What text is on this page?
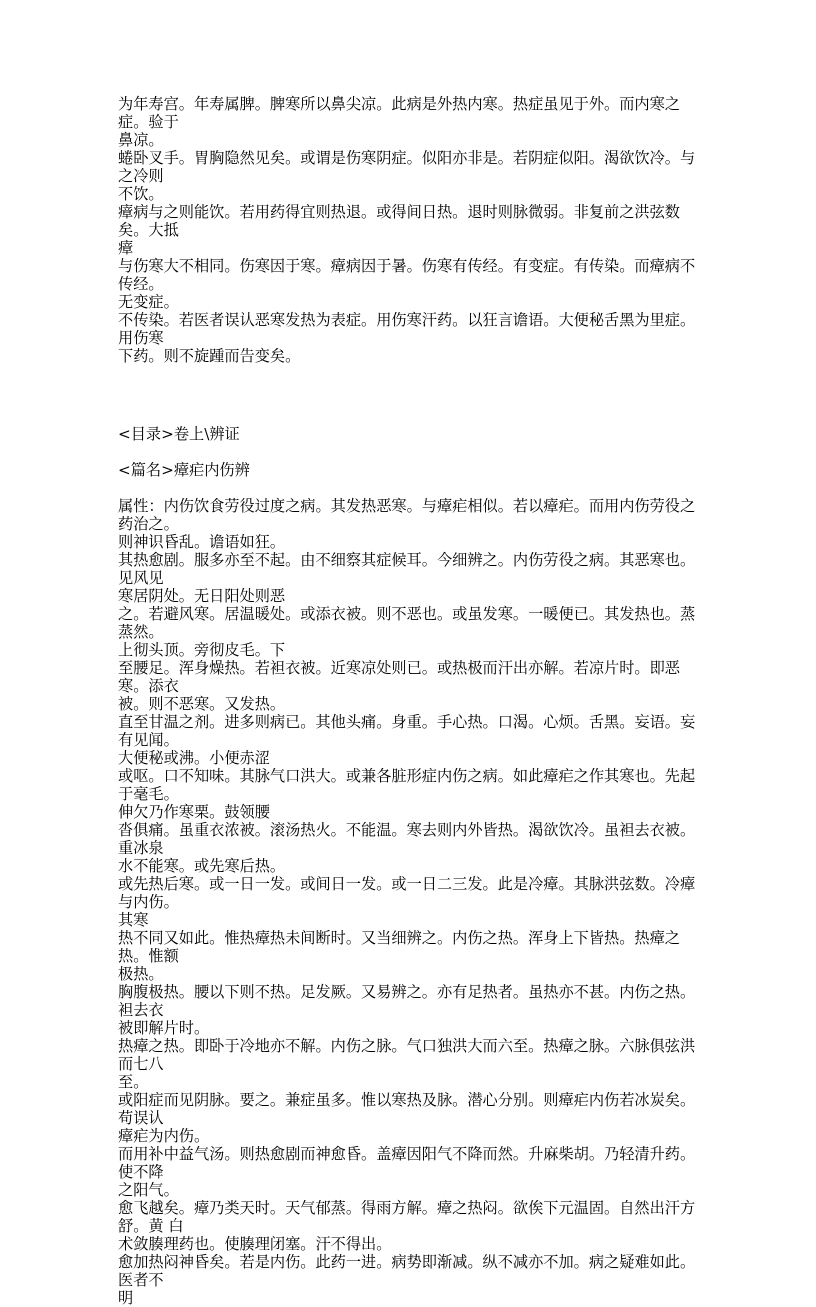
为年寿宫。年寿属脾。脾寒所以鼻尖凉。此病是外热内寒。热症虽见于外。而内寒之症。验于

鼻凉。

蜷卧叉手。胃胸隐然见矣。或谓是伤寒阴症。似阳亦非是。若阴症似阳。渴欲饮冷。与之冷则

不饮。

瘴病与之则能饮。若用药得宜则热退。或得间日热。退时则脉微弱。非复前之洪弦数矣。大抵

瘴

与伤寒大不相同。伤寒因于寒。瘴病因于暑。伤寒有传经。有变症。有传染。而瘴病不传经。

无变症。

不传染。若医者误认恶寒发热为表症。用伤寒汗药。以狂言谵语。大便秘舌黑为里症。用伤寒

下药。则不旋踵而告变矣。

<目录>卷上\辨证

<篇名>瘴疟内伤辨

属性：内伤饮食劳役过度之病。其发热恶寒。与瘴疟相似。若以瘴疟。而用内伤劳役之药治之。

则神识昏乱。谵语如狂。

其热愈剧。服多亦至不起。由不细察其症候耳。今细辨之。内伤劳役之病。其恶寒也。见风见

寒居阴处。无日阳处则恶

之。若避风寒。居温暖处。或添衣被。则不恶也。或虽发寒。一暖便已。其发热也。蒸蒸然。

上彻头顶。旁彻皮毛。下

至腰足。浑身燥热。若袒衣被。近寒凉处则已。或热极而汗出亦解。若凉片时。即恶寒。添衣

被。则不恶寒。又发热。

直至甘温之剂。进多则病已。其他头痛。身重。手心热。口渴。心烦。舌黑。妄语。妄有见闻。

大便秘或沸。小便赤涩

或呕。口不知味。其脉气口洪大。或兼各脏形症内伤之病。如此瘴疟之作其寒也。先起于毫毛。

伸欠乃作寒栗。鼓领腰

沓俱痛。虽重衣浓被。滚汤热火。不能温。寒去则内外皆热。渴欲饮冷。虽袒去衣被。重冰泉

水不能寒。或先寒后热。

或先热后寒。或一日一发。或间日一发。或一日二三发。此是冷瘴。其脉洪弦数。冷瘴与内伤。

其寒

热不同又如此。惟热瘴热未间断时。又当细辨之。内伤之热。浑身上下皆热。热瘴之热。惟额

极热。

胸腹极热。腰以下则不热。足发厥。又易辨之。亦有足热者。虽热亦不甚。内伤之热。袒去衣

被即解片时。

热瘴之热。即卧于冷地亦不解。内伤之脉。气口独洪大而六至。热瘴之脉。六脉俱弦洪而七八

至。

或阳症而见阴脉。要之。兼症虽多。惟以寒热及脉。潜心分别。则瘴疟内伤若冰炭矣。苟误认

瘴疟为内伤。

而用补中益气汤。则热愈剧而神愈昏。盖瘴因阳气不降而然。升麻柴胡。乃轻清升药。使不降

之阳气。

愈飞越矣。瘴乃类天时。天气郁蒸。得雨方解。瘴之热闷。欲俟下元温固。自然出汗方舒。黄 白

术敛腠理药也。使腠理闭塞。汗不得出。

愈加热闷神昏矣。若是内伤。此药一进。病势即渐减。纵不减亦不加。病之疑难如此。医者不

明
